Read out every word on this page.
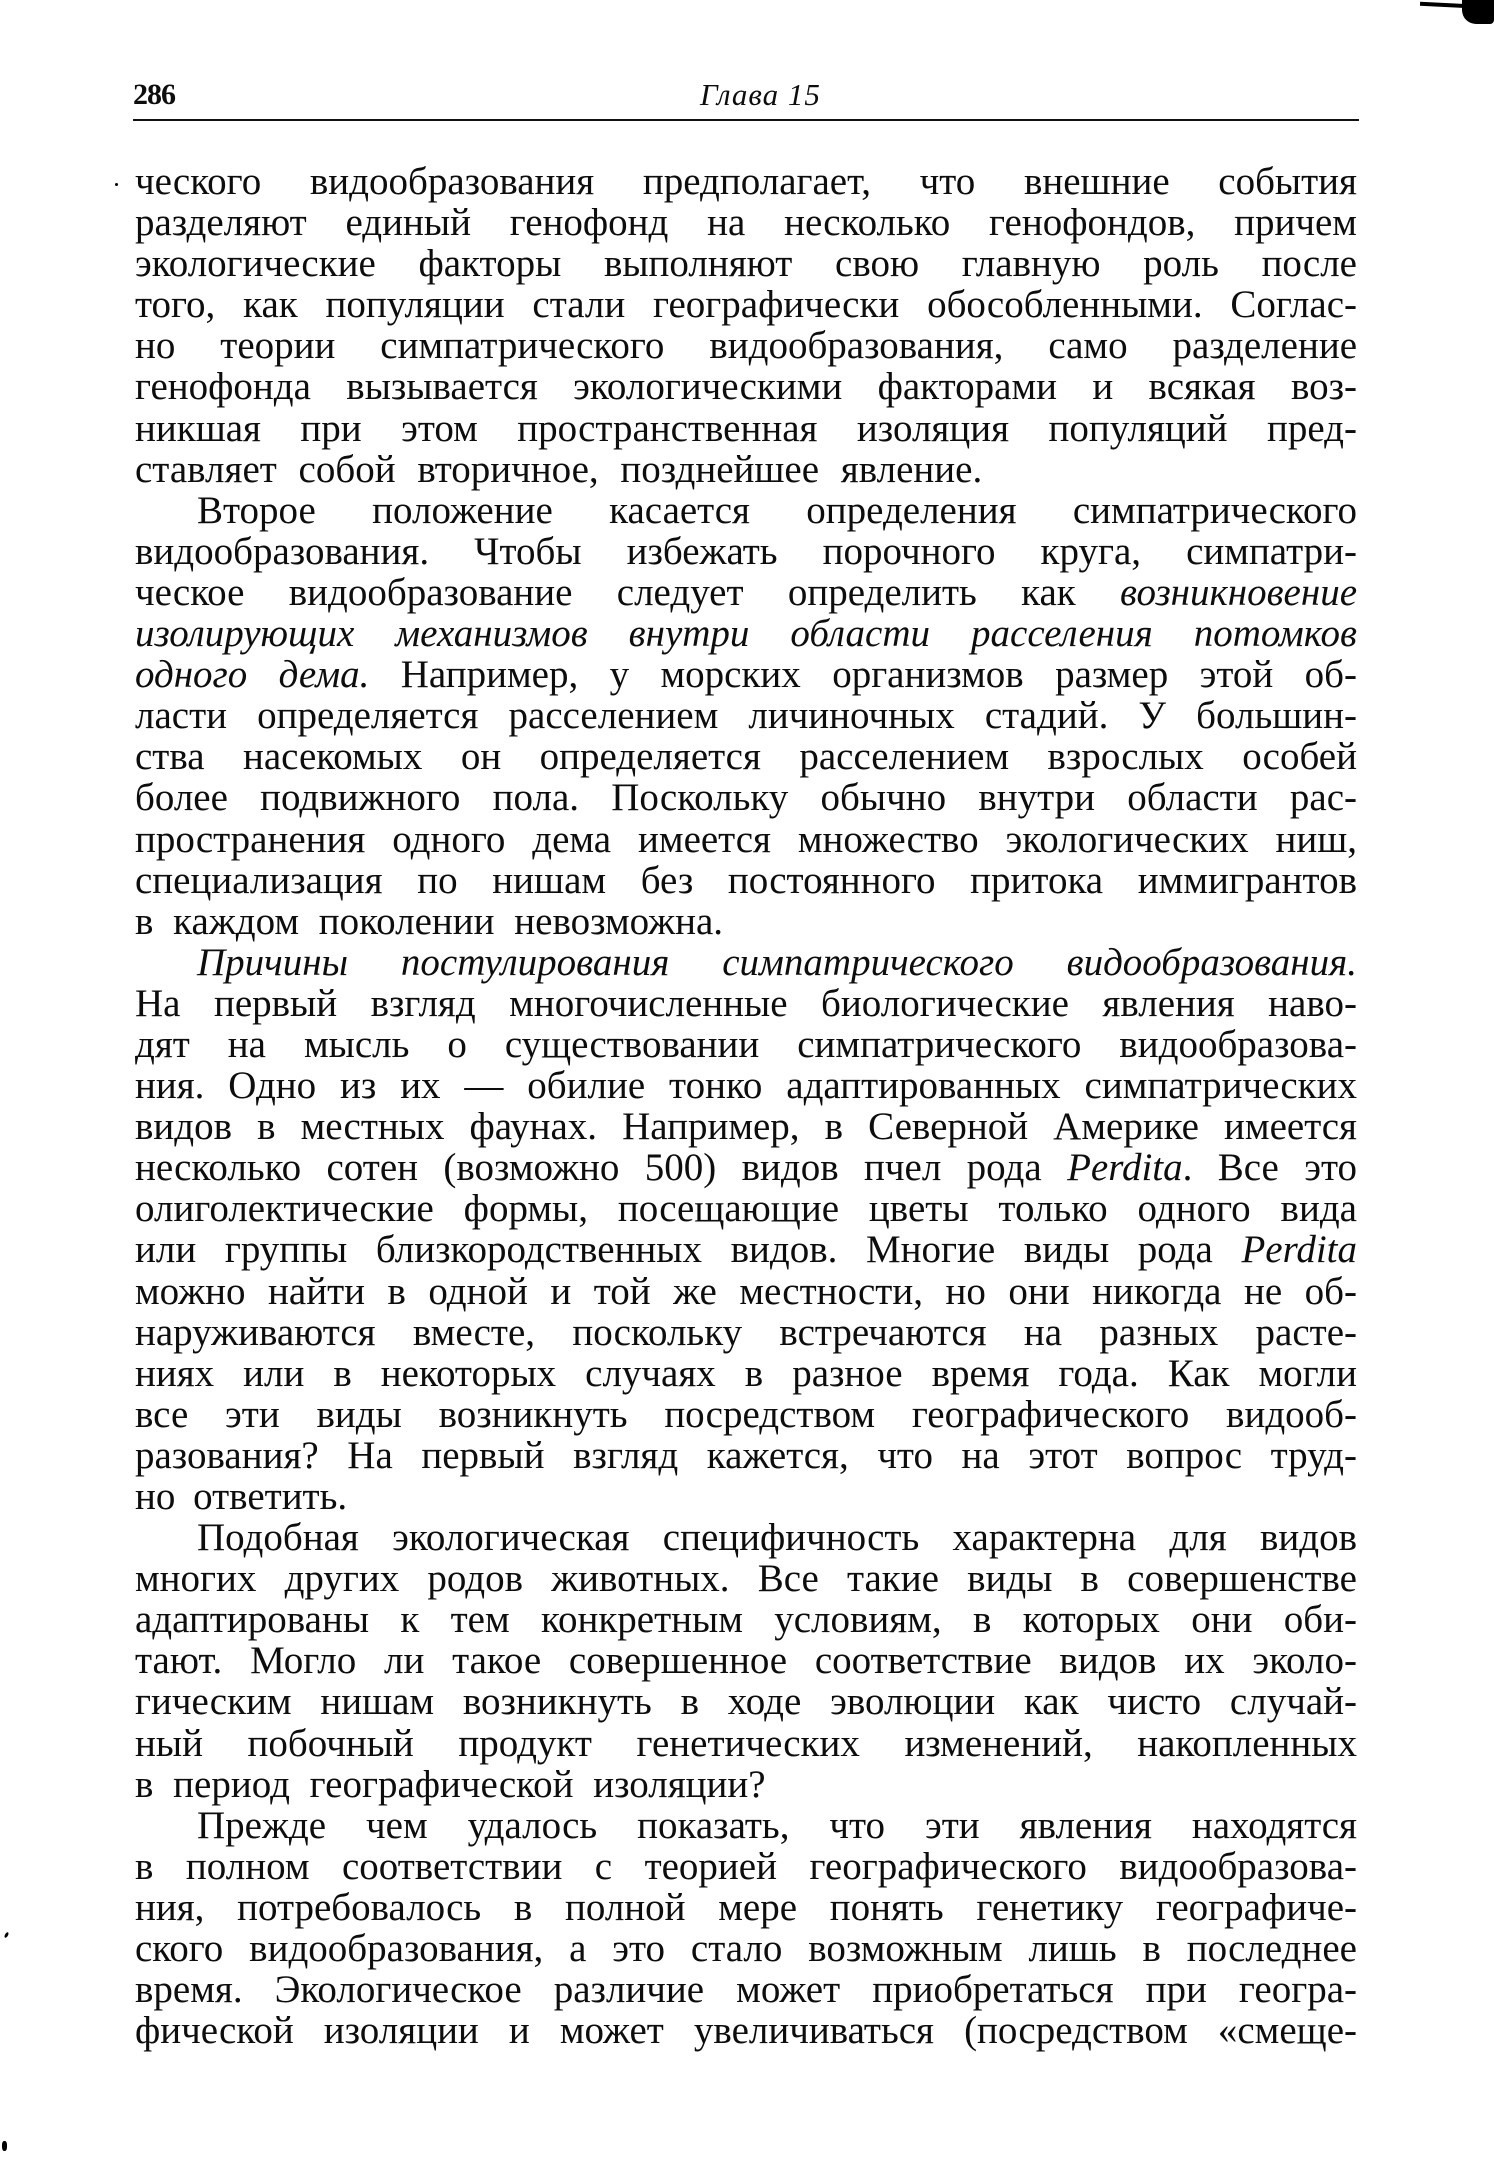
286	Глава 15
ческого видообразования предполагает, что внешние события
разделяют единый генофонд на несколько генофондов, причем
экологические факторы выполняют свою главную роль после
того, как популяции стали географически обособленными. Соглас-
но теории симпатрического видообразования, само разделение
генофонда вызывается экологическими факторами и всякая воз-
никшая при этом пространственная изоляция популяций пред-
ставляет собой вторичное, позднейшее явление.
Второе положение касается определения симпатрического
видообразования. Чтобы избежать порочного круга, симпатри-
ческое видообразование следует определить как возникновение
изолирующих механизмов внутри области расселения потомков
одного дема. Например, у морских организмов размер этой об-
ласти определяется расселением личиночных стадий. У большин-
ства насекомых он определяется расселением взрослых особей
более подвижного пола. Поскольку обычно внутри области рас-
пространения одного дема имеется множество экологических ниш,
специализация по нишам без постоянного притока иммигрантов
в каждом поколении невозможна.
Причины постулирования симпатрического видообразования.
На первый взгляд многочисленные биологические явления наво-
дят на мысль о существовании симпатрического видообразова-
ния. Одно из их — обилие тонко адаптированных симпатрических
видов в местных фаунах. Например, в Северной Америке имеется
несколько сотен (возможно 500) видов пчел рода Perdita. Все это
олиголектические формы, посещающие цветы только одного вида
или группы близкородственных видов. Многие виды рода Perdita
можно найти в одной и той же местности, но они никогда не об-
наруживаются вместе, поскольку встречаются на разных расте-
ниях или в некоторых случаях в разное время года. Как могли
все эти виды возникнуть посредством географического видооб-
разования? На первый взгляд кажется, что на этот вопрос труд-
но ответить.
Подобная экологическая специфичность характерна для видов
многих других родов животных. Все такие виды в совершенстве
адаптированы к тем конкретным условиям, в которых они оби-
тают. Могло ли такое совершенное соответствие видов их эколо-
гическим нишам возникнуть в ходе эволюции как чисто случай-
ный побочный продукт генетических изменений, накопленных
в период географической изоляции?
Прежде чем удалось показать, что эти явления находятся
в полном соответствии с теорией географического видообразова-
ния, потребовалось в полной мере понять генетику географиче-
ского видообразования, а это стало возможным лишь в последнее
время. Экологическое различие может приобретаться при геогра-
фической изоляции и может увеличиваться (посредством «смеще-
